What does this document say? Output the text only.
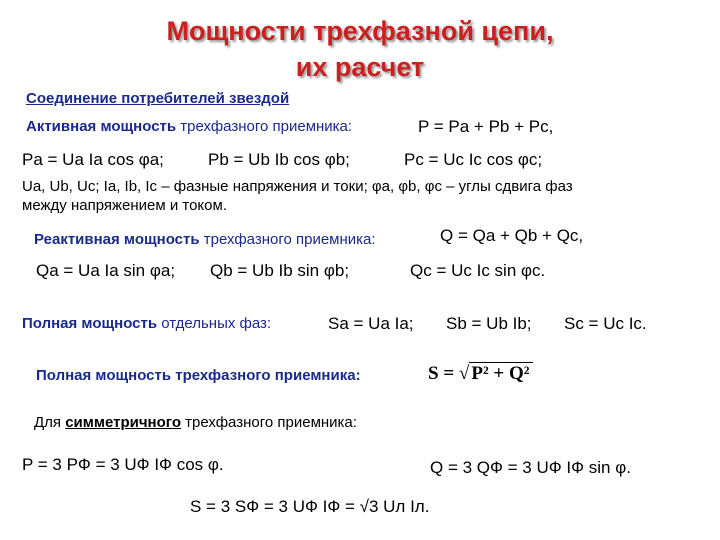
Мощности трехфазной цепи,
их расчет
Соединение потребителей звездой
Активная мощность трехфазного приемника:	P = Pa + Pb + Pc,
Pa = Ua Ia cos φa;	Pb = Ub Ib cos φb;	Pc = Uc Ic cos φc;
Ua, Ub, Uc; Ia, Ib, Ic – фазные напряжения и токи; φa, φb, φc – углы сдвига фаз
между напряжением и током.
Реактивная мощность трехфазного приемника:	Q = Qa + Qb + Qc,
Qa = Ua Ia sin φa; Qb = Ub Ib sin φb;	Qc = Uc Ic sin φc.
Полная мощность отдельных фаз:	Sa = Ua Ia; Sb = Ub Ib; Sc = Uc Ic.
Полная мощность трехфазного приемника:	S = √ P² + Q²
Для симметричного трехфазного приемника:
P = 3 PФ = 3 UФ IФ cos φ.	Q = 3 QФ = 3 UФ IФ sin φ.
S = 3 SФ = 3 UФ IФ = √3 Uл Iл.
